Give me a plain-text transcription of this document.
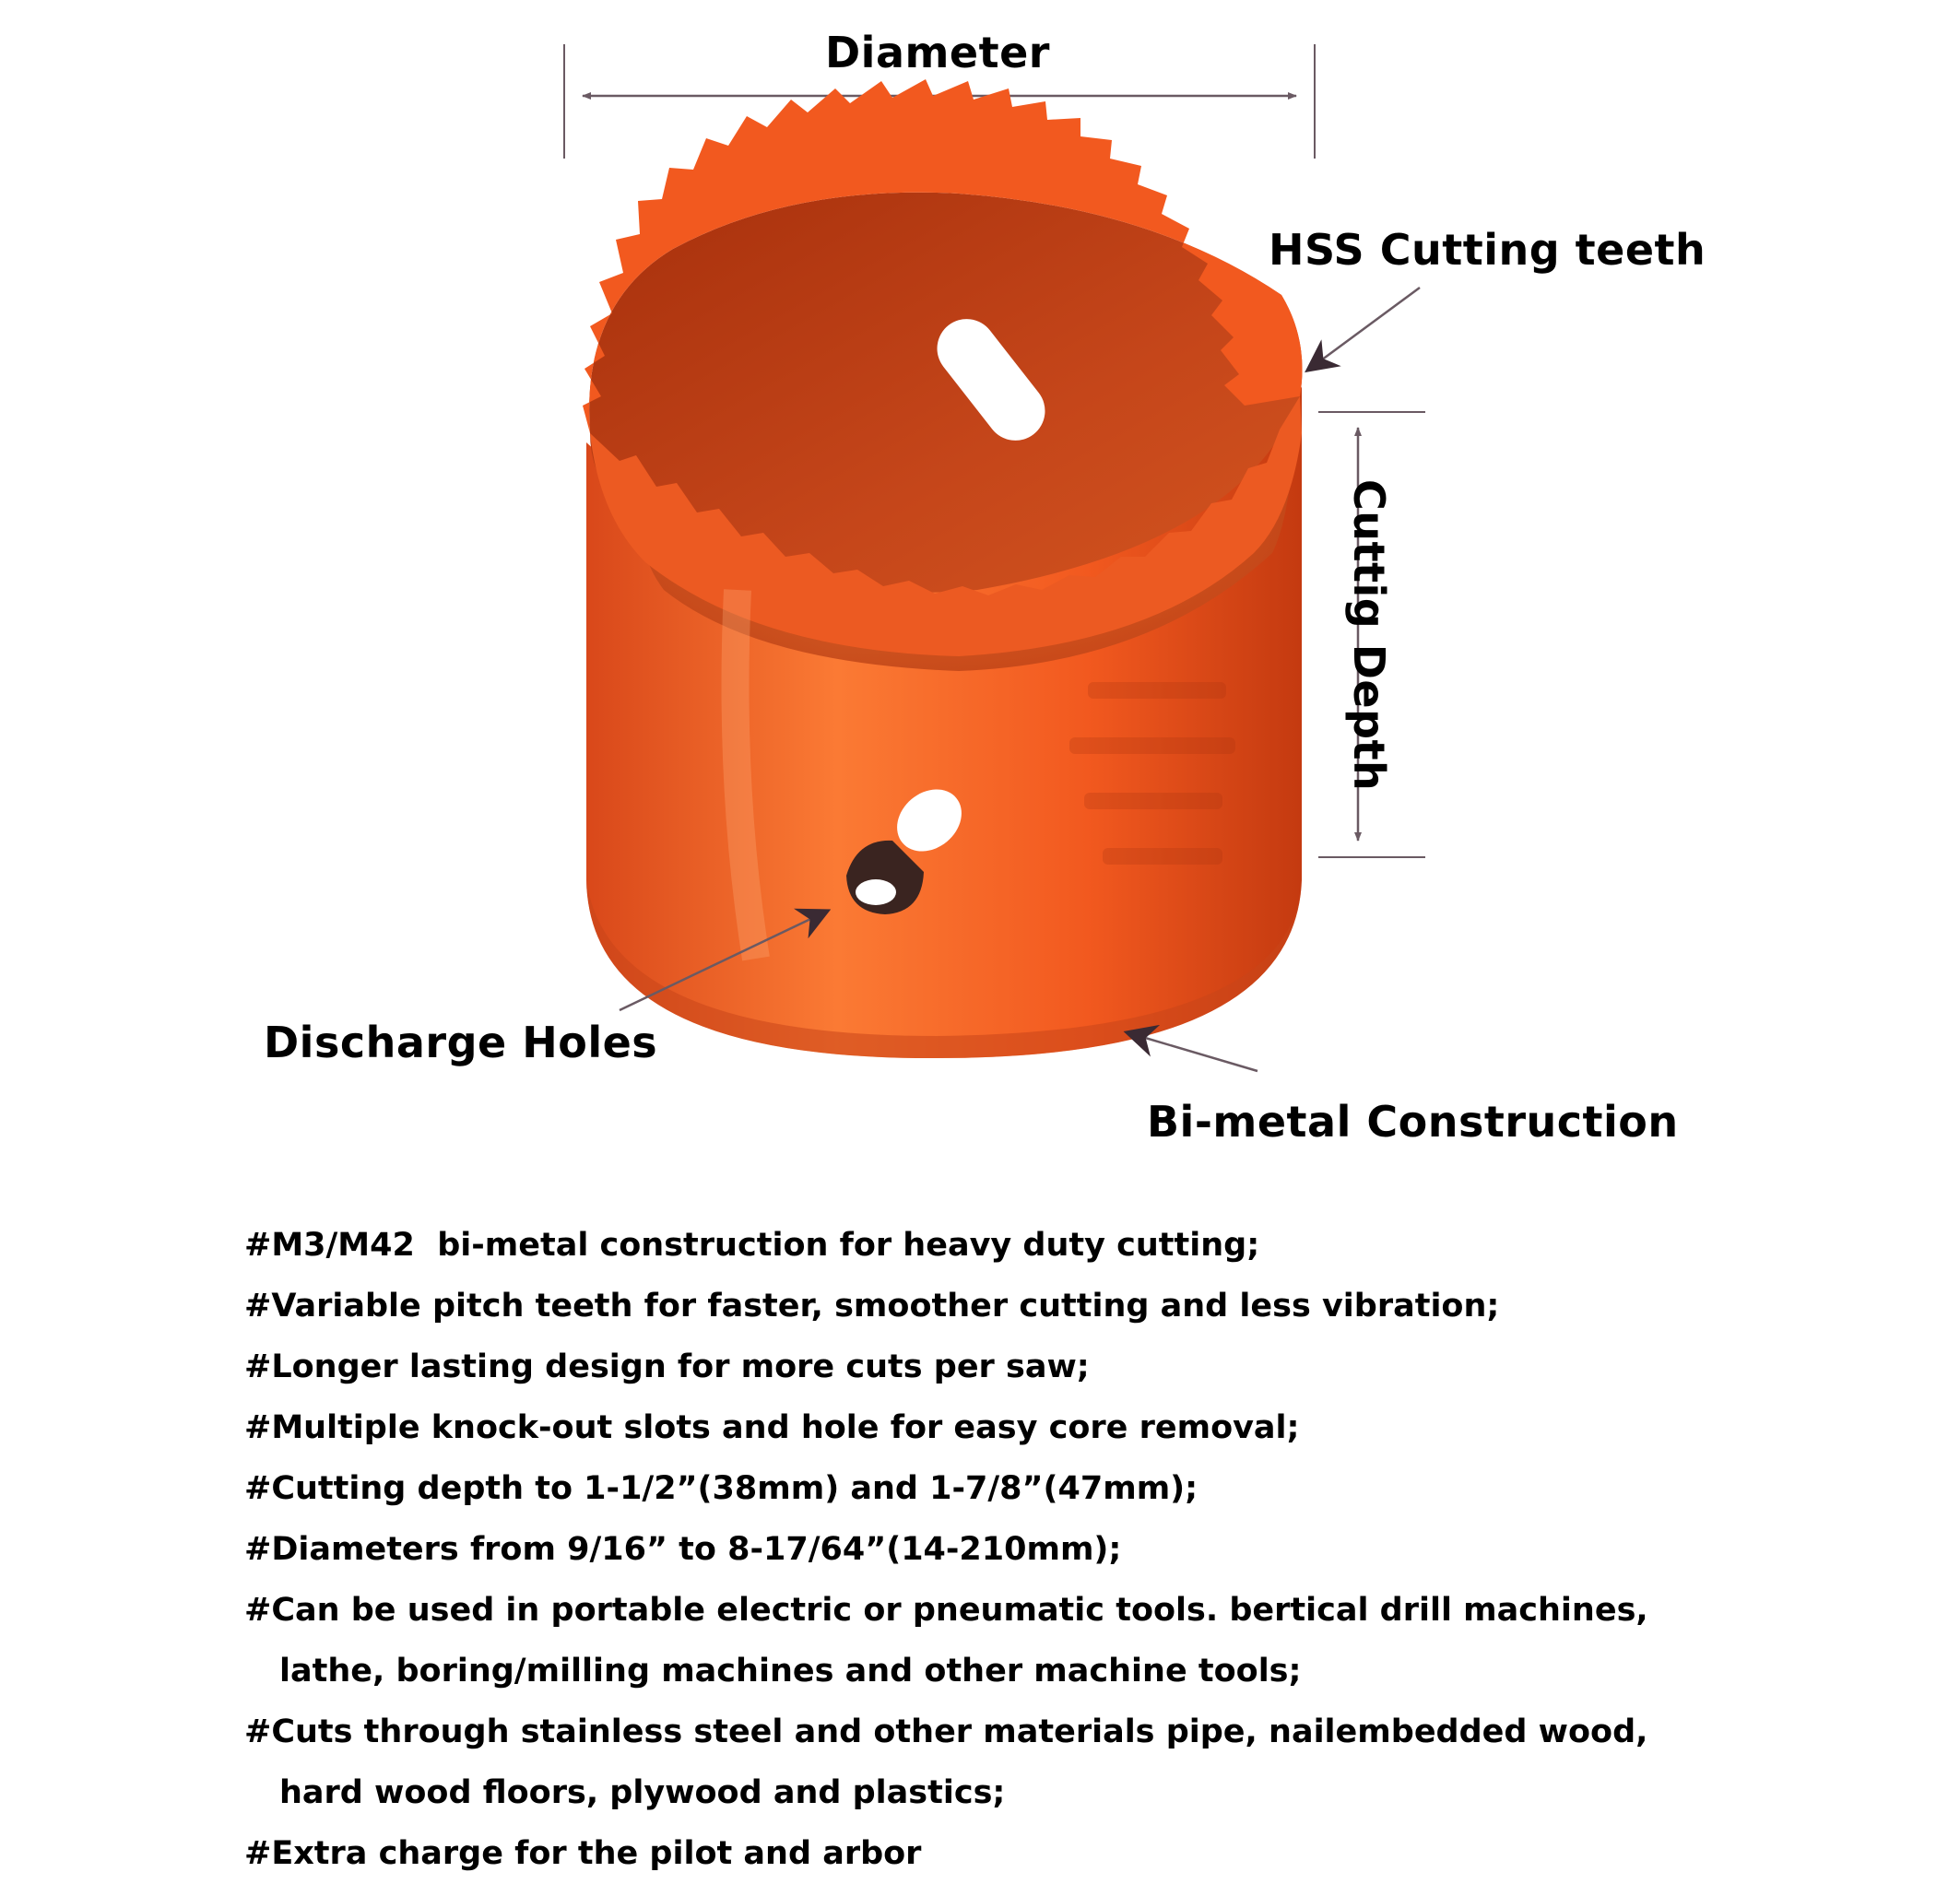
Diameter
HSS Cutting teeth
Cuttig Depth
Discharge Holes
Bi-metal Construction
#M3/M42  bi-metal construction for heavy duty cutting;
#Variable pitch teeth for faster, smoother cutting and less vibration;
#Longer lasting design for more cuts per saw;
#Multiple knock-out slots and hole for easy core removal;
#Cutting depth to 1-1/2”(38mm) and 1-7/8”(47mm);
#Diameters from 9/16” to 8-17/64”(14-210mm);
#Can be used in portable electric or pneumatic tools. bertical drill machines,
lathe, boring/milling machines and other machine tools;
#Cuts through stainless steel and other materials pipe, nailembedded wood,
hard wood floors, plywood and plastics;
#Extra charge for the pilot and arbor
